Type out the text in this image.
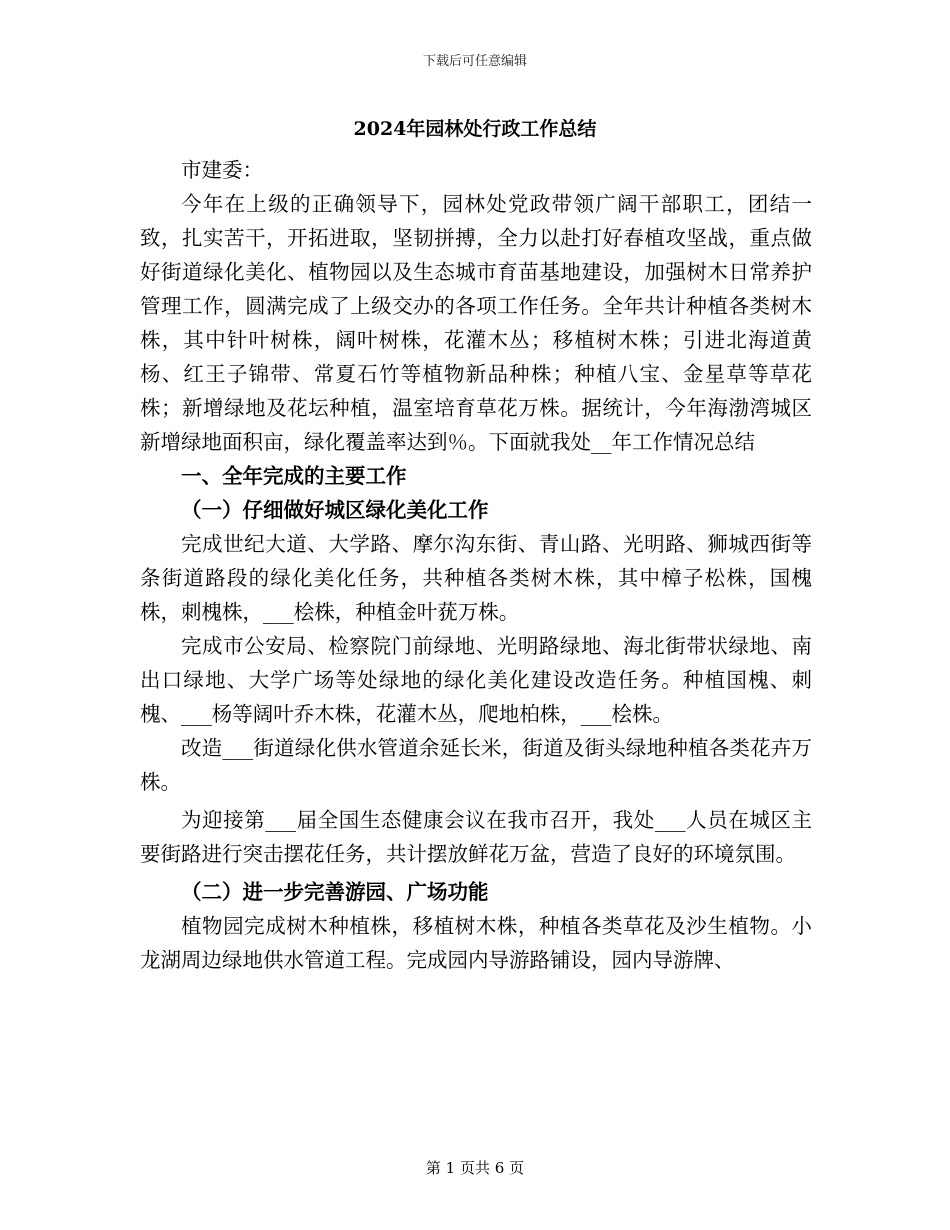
下载后可任意编辑
2024年园林处行政工作总结

市建委：

今年在上级的正确领导下，园林处党政带领广阔干部职工，团结一致，扎实苦干，开拓进取，坚韧拼搏，全力以赴打好春植攻坚战，重点做好街道绿化美化、植物园以及生态城市育苗基地建设，加强树木日常养护管理工作，圆满完成了上级交办的各项工作任务。全年共计种植各类树木株，其中针叶树株，阔叶树株，花灌木丛；移植树木株；引进北海道黄杨、红王子锦带、常夏石竹等植物新品种株；种植八宝、金星草等草花株；新增绿地及花坛种植，温室培育草花万株。据统计，今年海渤湾城区新增绿地面积亩，绿化覆盖率达到％。下面就我处__年工作情况总结

一、全年完成的主要工作

（一）仔细做好城区绿化美化工作

完成世纪大道、大学路、摩尔沟东街、青山路、光明路、狮城西街等条街道路段的绿化美化任务，共种植各类树木株，其中樟子松株，国槐株，刺槐株，___桧株，种植金叶莸万株。

完成市公安局、检察院门前绿地、光明路绿地、海北街带状绿地、南出口绿地、大学广场等处绿地的绿化美化建设改造任务。种植国槐、刺槐、___杨等阔叶乔木株，花灌木丛，爬地柏株，___桧株。

改造___街道绿化供水管道余延长米，街道及街头绿地种植各类花卉万株。

为迎接第___届全国生态健康会议在我市召开，我处___人员在城区主要街路进行突击摆花任务，共计摆放鲜花万盆，营造了良好的环境氛围。

（二）进一步完善游园、广场功能

植物园完成树木种植株，移植树木株，种植各类草花及沙生植物。小龙湖周边绿地供水管道工程。完成园内导游路铺设，园内导游牌、

第 1 页共 6 页
